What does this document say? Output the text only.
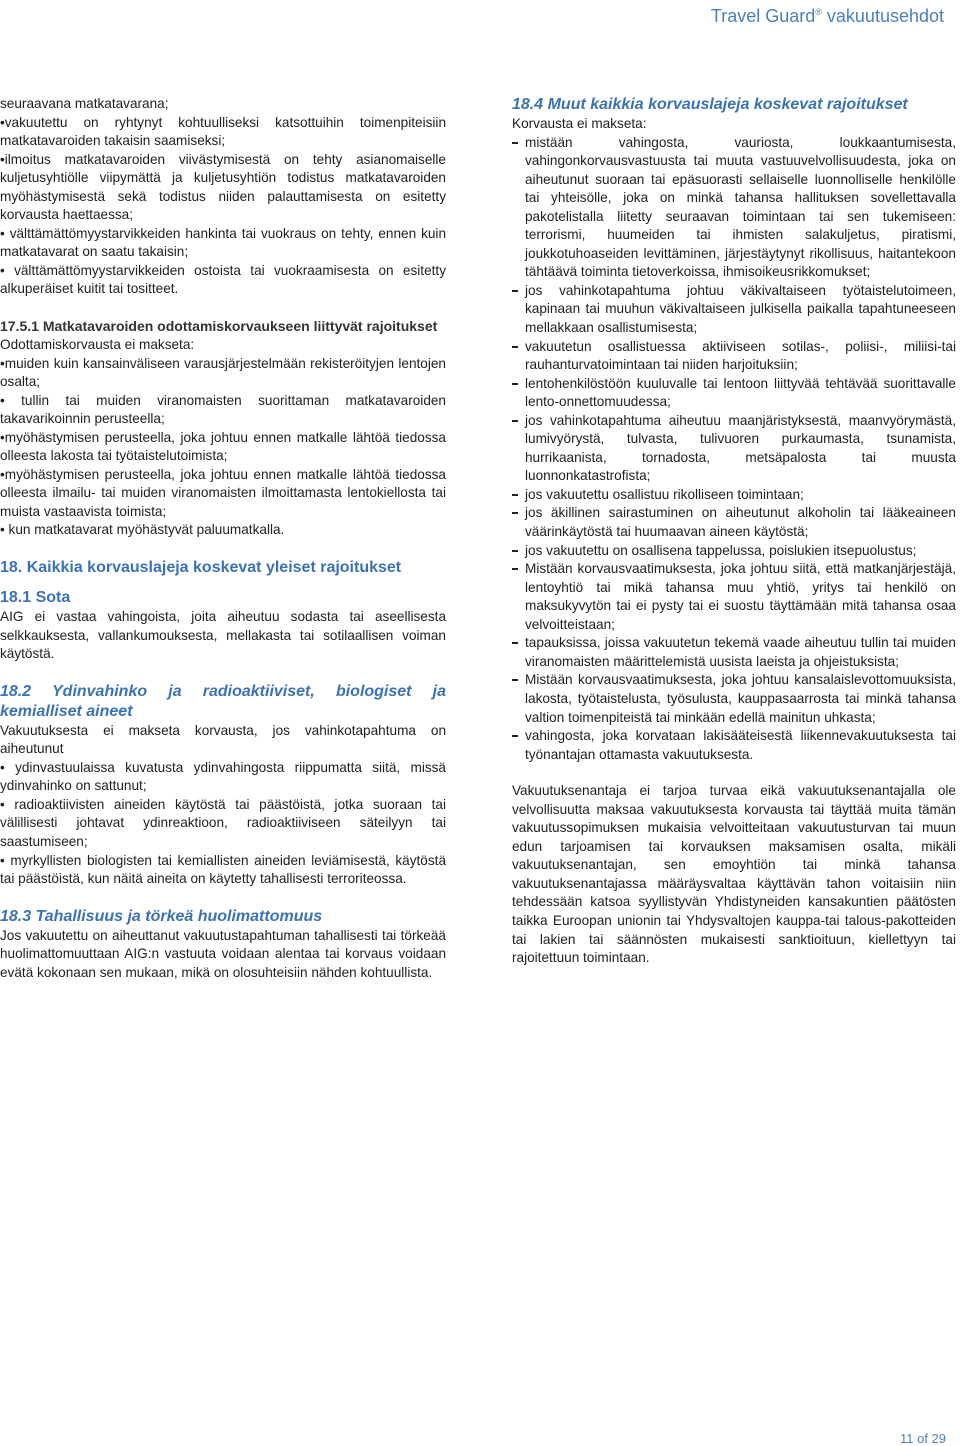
Travel Guard® vakuutusehdot

seuraavana matkatavarana;

•vakuutettu on ryhtynyt kohtuulliseksi katsottuihin toimenpiteisiin matkatavaroiden takaisin saamiseksi;

•ilmoitus matkatavaroiden viivästymisestä on tehty asianomaiselle kuljetusyhtiölle viipymättä ja kuljetusyhtiön todistus matkatavaroiden myöhästymisestä sekä todistus niiden palauttamisesta on esitetty korvausta haettaessa;

• välttämättömyystarvikkeiden hankinta tai vuokraus on tehty, ennen kuin matkatavarat on saatu takaisin;

• välttämättömyystarvikkeiden ostoista tai vuokraamisesta on esitetty alkuperäiset kuitit tai tositteet.

17.5.1 Matkatavaroiden odottamiskorvaukseen liittyvät rajoitukset

Odottamiskorvausta ei makseta:

•muiden kuin kansainväliseen varausjärjestelmään rekisteröityjen lentojen osalta;

• tullin tai muiden viranomaisten suorittaman matkatavaroiden takavarikoinnin perusteella;

•myöhästymisen perusteella, joka johtuu ennen matkalle lähtöä tiedossa olleesta lakosta tai työtaistelutoimista;

•myöhästymisen perusteella, joka johtuu ennen matkalle lähtöä tiedossa olleesta ilmailu- tai muiden viranomaisten ilmoittamasta lentokiellosta tai muista vastaavista toimista;

• kun matkatavarat myöhästyvät paluumatkalla.

18. Kaikkia korvauslajeja koskevat yleiset rajoitukset

18.1 Sota

AIG ei vastaa vahingoista, joita aiheutuu sodasta tai aseellisesta selkkauksesta, vallankumouksesta, mellakasta tai sotilaallisen voiman käytöstä.

18.2 Ydinvahinko ja radioaktiiviset, biologiset ja kemialliset aineet

Vakuutuksesta ei makseta korvausta, jos vahinkotapahtuma on aiheutunut

• ydinvastuulaissa kuvatusta ydinvahingosta riippumatta siitä, missä ydinvahinko on sattunut;

• radioaktiivisten aineiden käytöstä tai päästöistä, jotka suoraan tai välillisesti johtavat ydinreaktioon, radioaktiiviseen säteilyyn tai saastumiseen;

• myrkyllisten biologisten tai kemiallisten aineiden leviämisestä, käytöstä tai päästöistä, kun näitä aineita on käytetty tahallisesti terroriteossa.

18.3 Tahallisuus ja törkeä huolimattomuus

Jos vakuutettu on aiheuttanut vakuutustapahtuman tahallisesti tai törkeää huolimattomuuttaan AIG:n vastuuta voidaan alentaa tai korvaus voidaan evätä kokonaan sen mukaan, mikä on olosuhteisiin nähden kohtuullista.

18.4 Muut kaikkia korvauslajeja koskevat rajoitukset

Korvausta ei makseta:

mistään vahingosta, vauriosta, loukkaantumisesta, vahingonkorvausvastuusta tai muuta vastuuvelvollisuudesta, joka on aiheutunut suoraan tai epäsuorasti sellaiselle luonnolliselle henkilölle tai yhteisölle, joka on minkä tahansa hallituksen sovellettavalla pakotelistalla liitetty seuraavan toimintaan tai sen tukemiseen: terrorismi, huumeiden tai ihmisten salakuljetus, piratismi, joukkotuhoaseiden levittäminen, järjestäytynyt rikollisuus, haitantekoon tähtäävä toiminta tietoverkoissa, ihmisoikeusrikkomukset;
jos vahinkotapahtuma johtuu väkivaltaiseen työtaistelutoimeen, kapinaan tai muuhun väkivaltaiseen julkisella paikalla tapahtuneeseen mellakkaan osallistumisesta;
vakuutetun osallistuessa aktiiviseen sotilas-, poliisi-, miliisi-tai rauhanturvatoimintaan tai niiden harjoituksiin;
lentohenkilöstöön kuuluvalle tai lentoon liittyvää tehtävää suorittavalle lento-onnettomuudessa;
jos vahinkotapahtuma aiheutuu maanjäristyksestä, maanvyörymästä, lumivyörystä, tulvasta, tulivuoren purkaumasta, tsunamista, hurrikaanista, tornadosta, metsäpalosta tai muusta luonnonkatastrofista;
jos vakuutettu osallistuu rikolliseen toimintaan;
jos äkillinen sairastuminen on aiheutunut alkoholin tai lääkeaineen väärinkäytöstä tai huumaavan aineen käytöstä;
jos vakuutettu on osallisena tappelussa, poislukien itsepuolustus;
Mistään korvausvaatimuksesta, joka johtuu siitä, että matkanjärjestäjä, lentoyhtiö tai mikä tahansa muu yhtiö, yritys tai henkilö on maksukyvytön tai ei pysty tai ei suostu täyttämään mitä tahansa osaa velvoitteistaan;
tapauksissa, joissa vakuutetun tekemä vaade aiheutuu tullin tai muiden viranomaisten määrittelemistä uusista laeista ja ohjeistuksista;
Mistään korvausvaatimuksesta, joka johtuu kansalaislevottomuuksista, lakosta, työtaistelusta, työsulusta, kauppasaarrosta tai minkä tahansa valtion toimenpiteistä tai minkään edellä mainitun uhkasta;
vahingosta, joka korvataan lakisääteisestä liikennevakuutuksesta tai työnantajan ottamasta vakuutuksesta.

Vakuutuksenantaja ei tarjoa turvaa eikä vakuutuksenantajalla ole velvollisuutta maksaa vakuutuksesta korvausta tai täyttää muita tämän vakuutussopimuksen mukaisia velvoitteitaan vakuutusturvan tai muun edun tarjoamisen tai korvauksen maksamisen osalta, mikäli vakuutuksenantajan, sen emoyhtiön tai minkä tahansa vakuutuksenantajassa määräysvaltaa käyttävän tahon voitaisiin niin tehdessään katsoa syyllistyvän Yhdistyneiden kansakuntien päätösten taikka Euroopan unionin tai Yhdysvaltojen kauppa-tai talous-pakotteiden tai lakien tai säännösten mukaisesti sanktioituun, kiellettyyn tai rajoitettuun toimintaan.

11 of 29
